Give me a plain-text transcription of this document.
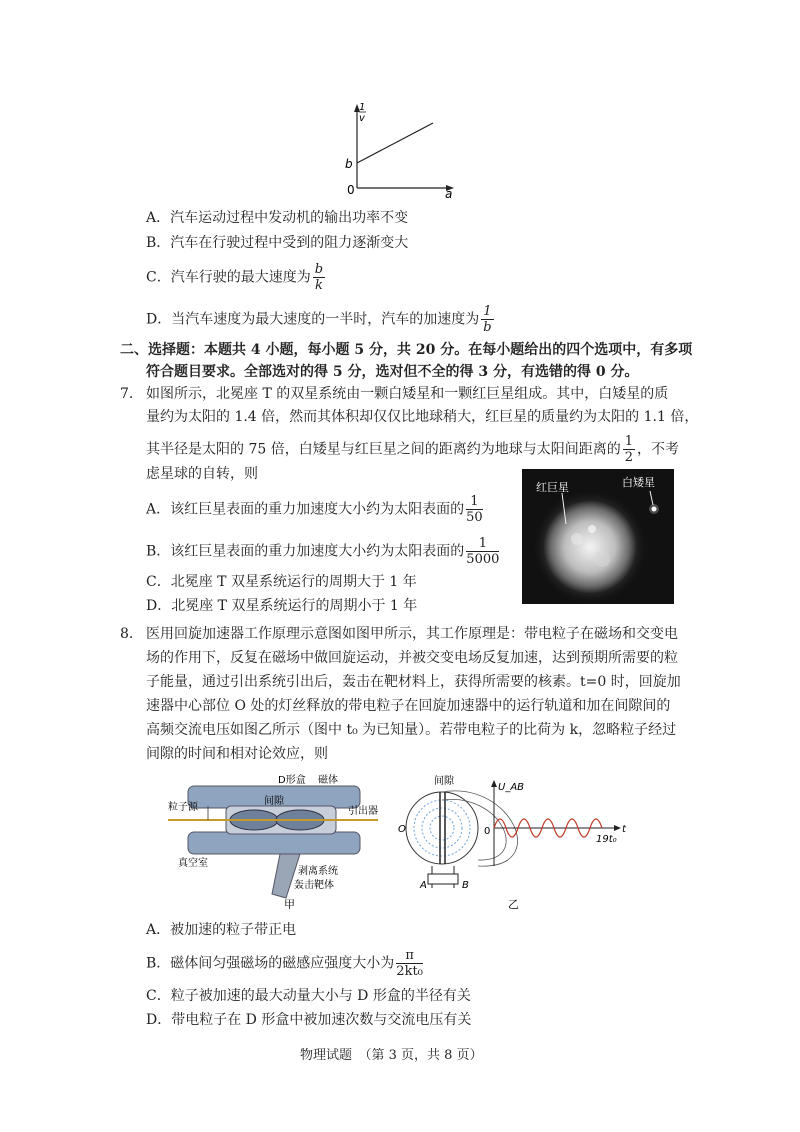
1
v
b
0	a
A．汽车运动过程中发动机的输出功率不变
B．汽车在行驶过程中受到的阻力逐渐变大
C．汽车行驶的最大速度为 $\frac{b}{k}$
D．当汽车速度为最大速度的一半时，汽车的加速度为 $\frac{1}{b}$
二、选择题：本题共 4 小题，每小题 5 分，共 20 分。在每小题给出的四个选项中，有多项
符合题目要求。全部选对的得 5 分，选对但不全的得 3 分，有选错的得 0 分。
7. 如图所示，北冕座 T 的双星系统由一颗白矮星和一颗红巨星组成。其中，白矮星的质
量约为太阳的 1.4 倍，然而其体积却仅仅比地球稍大，红巨星的质量约为太阳的 1.1 倍，
其半径是太阳的 75 倍，白矮星与红巨星之间的距离约为地球与太阳间距离的 $\frac{1}{2}$ ，不考
虑星球的自转，则
A．该红巨星表面的重力加速度大小约为太阳表面的 $\frac{1}{50}$
B．该红巨星表面的重力加速度大小约为太阳表面的 $\frac{1}{5000}$
C．北冕座 T 双星系统运行的周期大于 1 年
D．北冕座 T 双星系统运行的周期小于 1 年
红巨星	白矮星
8. 医用回旋加速器工作原理示意图如图甲所示，其工作原理是：带电粒子在磁场和交变电
场的作用下，反复在磁场中做回旋运动，并被交变电场反复加速，达到预期所需要的粒
子能量，通过引出系统引出后，轰击在靶材料上，获得所需要的核素。t=0 时，回旋加
速器中心部位 O 处的灯丝释放的带电粒子在回旋加速器中的运行轨道和加在间隙间的
高频交流电压如图乙所示（图中 t₀ 为已知量）。若带电粒子的比荷为 k，忽略粒子经过
间隙的时间和相对论效应，则
D形盒 磁体
间隙
粒子源	引出器
真空室
剥离系统
轰击靶体
甲
A	B
间隙
O
U_AB
0
19t₀
t
乙
A．被加速的粒子带正电
B．磁体间匀强磁场的磁感应强度大小为 $\frac{\pi}{\text{2kt₀}}$
C．粒子被加速的最大动量大小与 D 形盒的半径有关
D．带电粒子在 D 形盒中被加速次数与交流电压有关
物理试题　（第 3 页，共 8 页）
